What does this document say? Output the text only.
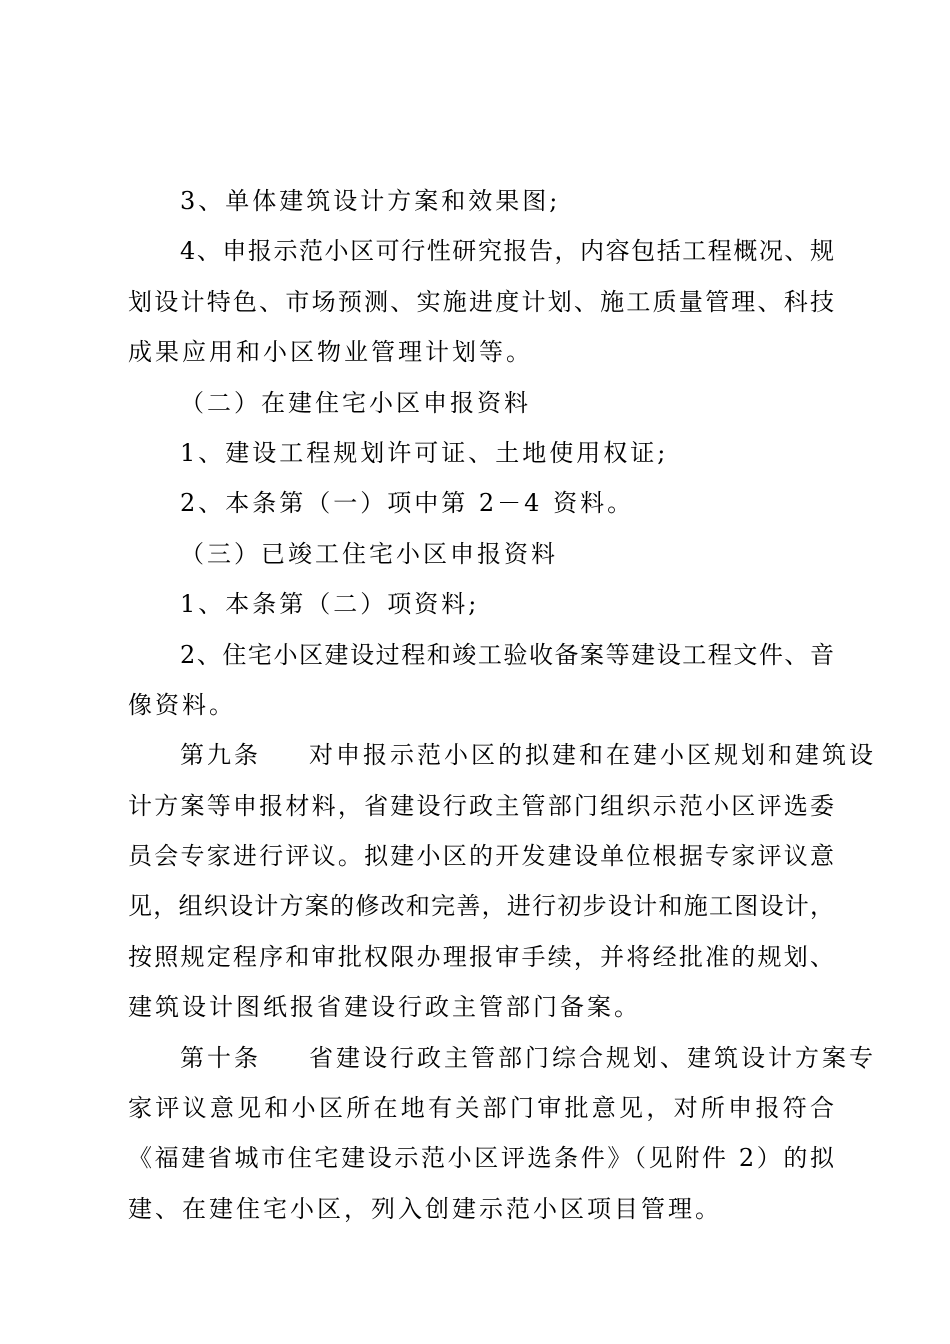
3、单体建筑设计方案和效果图;
4、申报示范小区可行性研究报告，内容包括工程概况、规
划设计特色、市场预测、实施进度计划、施工质量管理、科技
成果应用和小区物业管理计划等。
（二）在建住宅小区申报资料
1、建设工程规划许可证、土地使用权证;
2、本条第（一）项中第 2－4 资料。
（三）已竣工住宅小区申报资料
1、本条第（二）项资料;
2、住宅小区建设过程和竣工验收备案等建设工程文件、音
像资料。
第九条 对申报示范小区的拟建和在建小区规划和建筑设
计方案等申报材料，省建设行政主管部门组织示范小区评选委
员会专家进行评议。拟建小区的开发建设单位根据专家评议意
见，组织设计方案的修改和完善，进行初步设计和施工图设计，
按照规定程序和审批权限办理报审手续，并将经批准的规划、
建筑设计图纸报省建设行政主管部门备案。
第十条 省建设行政主管部门综合规划、建筑设计方案专
家评议意见和小区所在地有关部门审批意见，对所申报符合
《福建省城市住宅建设示范小区评选条件》（见附件 2）的拟
建、在建住宅小区，列入创建示范小区项目管理。
